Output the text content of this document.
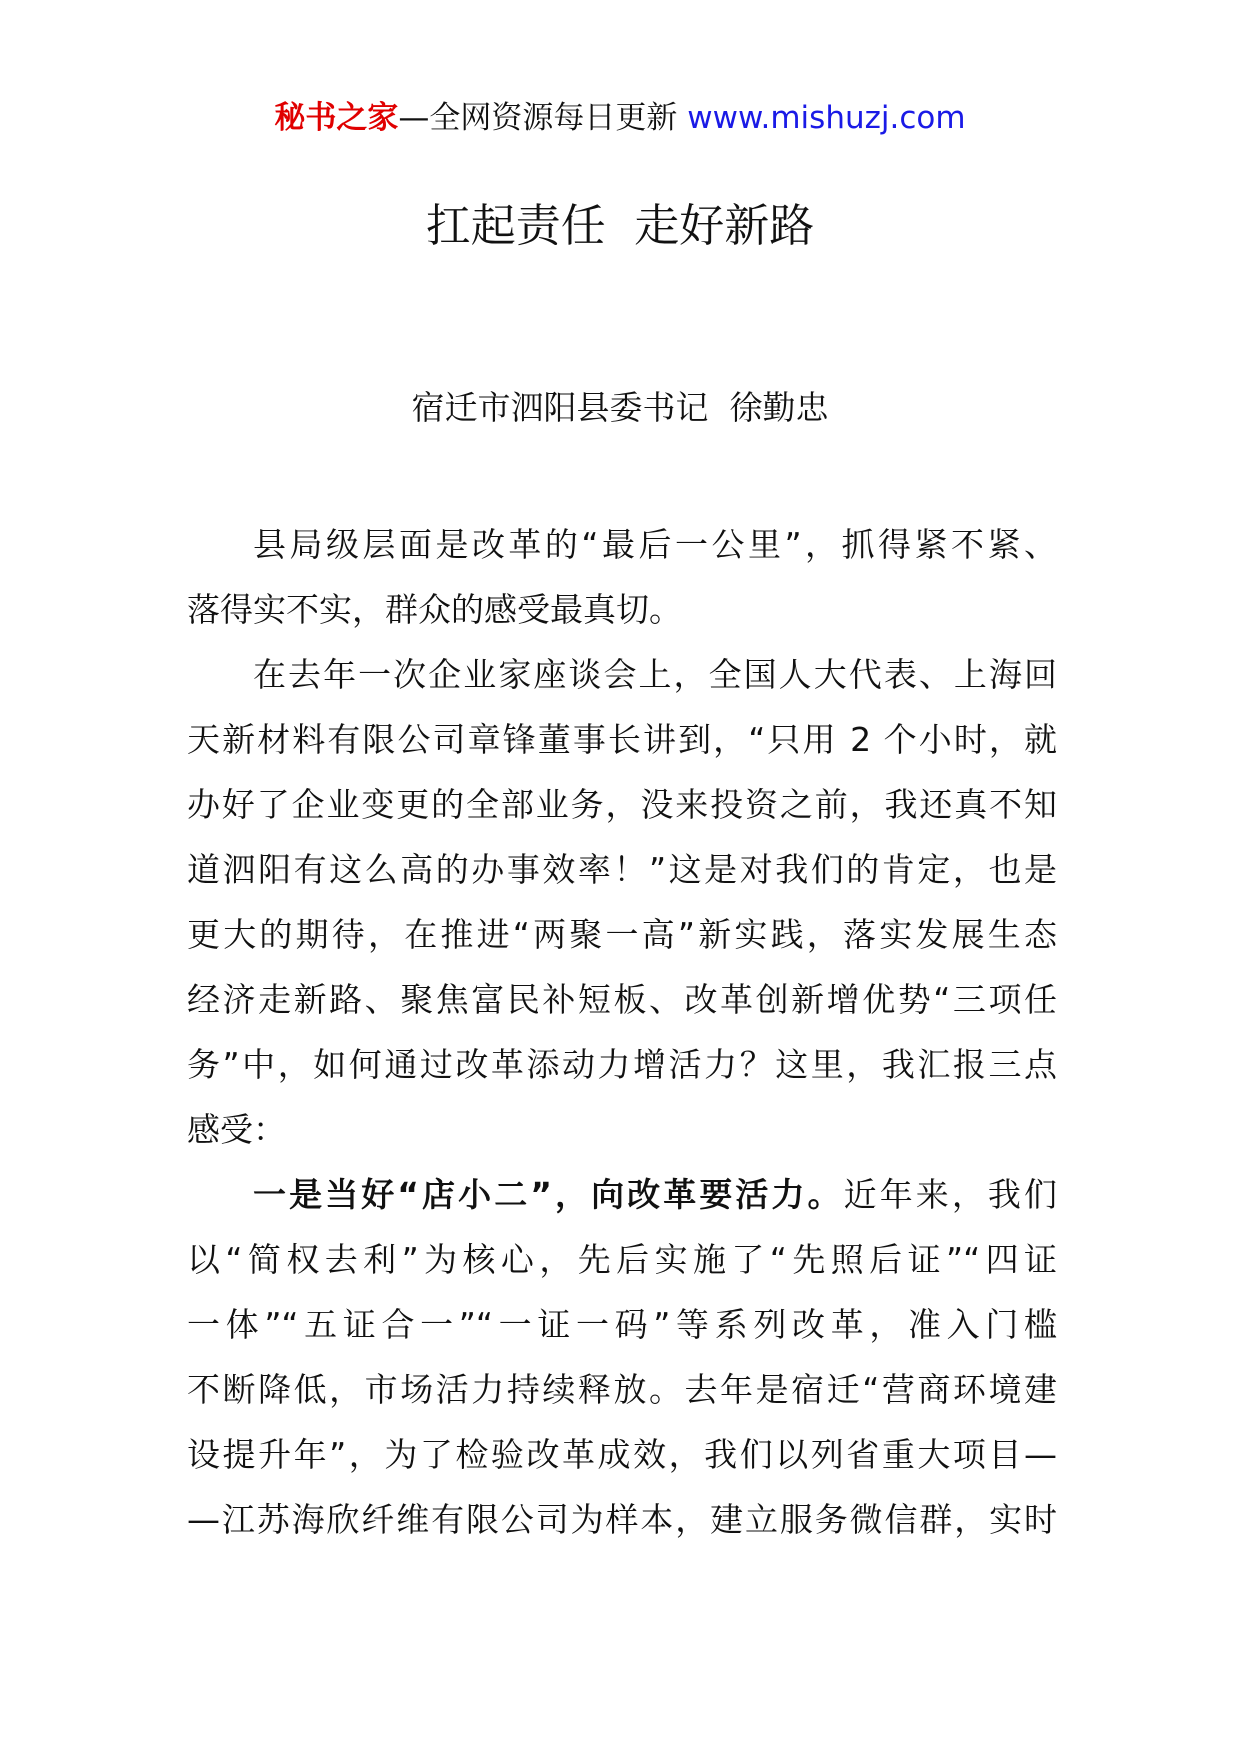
秘书之家—全网资源每日更新 www.mishuzj.com
扛起责任  走好新路
宿迁市泗阳县委书记  徐勤忠
县局级层面是改革的“最后一公里”，抓得紧不紧、
落得实不实，群众的感受最真切。
在去年一次企业家座谈会上，全国人大代表、上海回
天新材料有限公司章锋董事长讲到，“只用 2 个小时，就
办好了企业变更的全部业务，没来投资之前，我还真不知
道泗阳有这么高的办事效率！”这是对我们的肯定，也是
更大的期待，在推进“两聚一高”新实践，落实发展生态
经济走新路、聚焦富民补短板、改革创新增优势“三项任
务”中，如何通过改革添动力增活力？这里，我汇报三点
感受：
一是当好“店小二”，向改革要活力。近年来，我们
以“简权去利”为核心，先后实施了“先照后证”“四证
一体”“五证合一”“一证一码”等系列改革，准入门槛
不断降低，市场活力持续释放。去年是宿迁“营商环境建
设提升年”，为了检验改革成效，我们以列省重大项目—
—江苏海欣纤维有限公司为样本，建立服务微信群，实时
